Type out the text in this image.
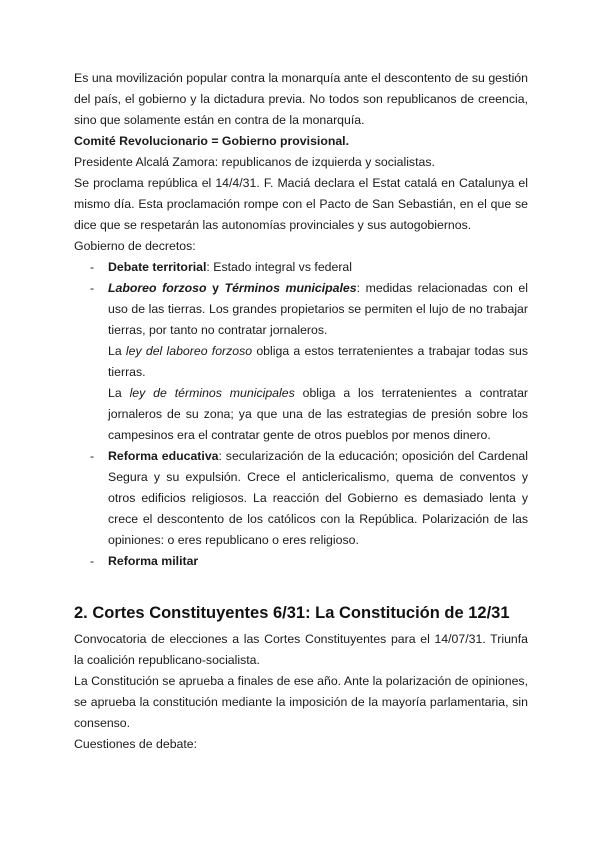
Es una movilización popular contra la monarquía ante el descontento de su gestión del país, el gobierno y la dictadura previa. No todos son republicanos de creencia, sino que solamente están en contra de la monarquía.

Comité Revolucionario = Gobierno provisional.

Presidente Alcalá Zamora: republicanos de izquierda y socialistas.

Se proclama república el 14/4/31. F. Maciá declara el Estat catalá en Catalunya el mismo día. Esta proclamación rompe con el Pacto de San Sebastián, en el que se dice que se respetarán las autonomías provinciales y sus autogobiernos.

Gobierno de decretos:

- Debate territorial: Estado integral vs federal
- Laboreo forzoso y Términos municipales: medidas relacionadas con el uso de las tierras. Los grandes propietarios se permiten el lujo de no trabajar tierras, por tanto no contratar jornaleros.

La ley del laboreo forzoso obliga a estos terratenientes a trabajar todas sus tierras.

La ley de términos municipales obliga a los terratenientes a contratar jornaleros de su zona; ya que una de las estrategias de presión sobre los campesinos era el contratar gente de otros pueblos por menos dinero.

- Reforma educativa: secularización de la educación; oposición del Cardenal Segura y su expulsión. Crece el anticlericalismo, quema de conventos y otros edificios religiosos. La reacción del Gobierno es demasiado lenta y crece el descontento de los católicos con la República. Polarización de las opiniones: o eres republicano o eres religioso.

- Reforma militar
2. Cortes Constituyentes 6/31: La Constitución de 12/31

Convocatoria de elecciones a las Cortes Constituyentes para el 14/07/31. Triunfa la coalición republicano-socialista.

La Constitución se aprueba a finales de ese año. Ante la polarización de opiniones, se aprueba la constitución mediante la imposición de la mayoría parlamentaria, sin consenso.

Cuestiones de debate:
